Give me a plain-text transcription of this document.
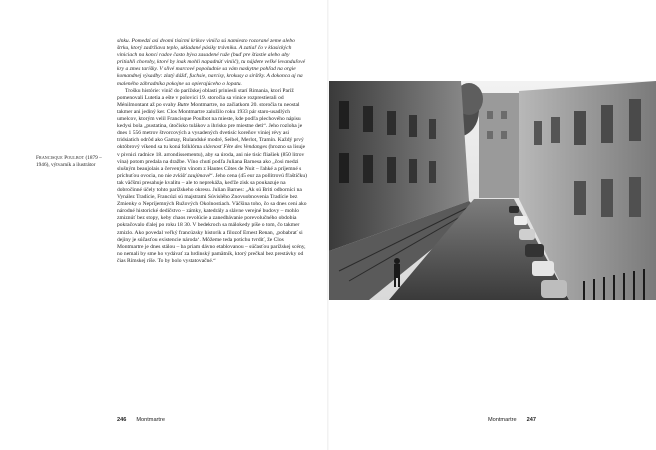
Francisque Poulbot (1879 – 1946), výtvarník a ilustrátor

slnku. Pomedzi asi dvomi tisícmi krikov viniča sú namiesto rozorané zeme alebo štrku, ktorý zadržiava teplo, ukladané pásiky trávnika. A zatiaľ čo v klasických viniciach na konci radov často býva zasadené ruže (buď pre šťastie alebo aby pritiahli choroby, ktoré by inak mohli napadnúť viniič), tu nájdete veľké levanduľové kry a zmes tarišky. V slivé marcové popoludnie sa vám naskytne pohľad na orgie komandnej výsadby: zlatý dážď, fuchsie, narcisy, krokusy a siršťky. A dokonca aj na maleného záhradníka pokojne sa opierajúceho o lopatu.

Trošku histórie: vinič do parížskej oblasti priniesli starí Rimania, ktorí Paríž pomenovali Lutetia a ešte v polovici 19. storočia sa vinice rozprestierali od Ménilmontant až po svahy Butte Montmartre, no začiatkom 20. storočia tu neostal takmer ani jediný ker. Clos Montmartre založilo roku 1933 pár staro-usadlých umelcov, ktorým velil Francisque Poulbot na mieste, kde podľa plechového nápisu kedysi bola „pustatina, útočisko tulákov a ihrisko pre miestne deti“. Jeho rozloha je dnes 1 556 metrov štvorcových a vysadených dvetisíc koreňov viniej révy asi tridsiatich odrôd ako Gamay, Rulandské modré, Seibel, Merlot, Tramín. Každý prvý októbrový víkend sa tu koná folklórna slávnosť Fête des Vendanges (hrozno sa lisuje v pivnici radnice 18. arrondissementu), aby sa úroda, ani nie tisíc fliašiek (850 litrov vína) potom predala na dražbe. Víno chutí podľa Juliana Barnesa ako „čosi medzi slušným beaujolais a červeným vínom z Hautes Côtes de Nuit – ľahké a príjemné s príchuťou ovocia, no nie zvlášť zaujímavé“. Jeho cena (45 eur za pollitrovú fľaštičku) tak väčšmi presahuje kvalitu – ale to neprekáža, keďže zisk sa poukazuje na dobročinné účely tohto parížskeho okresu. Julian Barnes: „Ak sú Briti odborníci na Vynález Tradície, Francúzi sú majstrami Súvislého Znovuobnovenia Tradície bez Zmienky o Nepríjemných Ružových Okolnostiach. Väčšina toho, čo sa dnes ceni ako národné historické dedičstvo – zámky, katedrály a slávne verejné budovy – mohlo zmiznúť bez stopy, keby chaos revolúcie a zanedbávanie porevolučného obdobia pokračovalo ďalej po roku 18 30. V bedekroch sa málokedy píše o tom, čo takmer zmizlo. Ako povedal veľký francúzsky historik a filozof Ernest Renan, ‚pobabrať si dejiny je súčasťou existencie národa‘. Môžeme teda potichu tvrdiť, že Clos Montmartre je dnes stálou – ba priam dávno etablovanou – súčasťou parížskej scény, no nemali by sme ho vydávať za hrdinský pamätník, ktorý prečkal bez prestávky od čias Rímskej ríše. To by bolo vystatovačné.“

246 Montmartre	Montmartre 247
